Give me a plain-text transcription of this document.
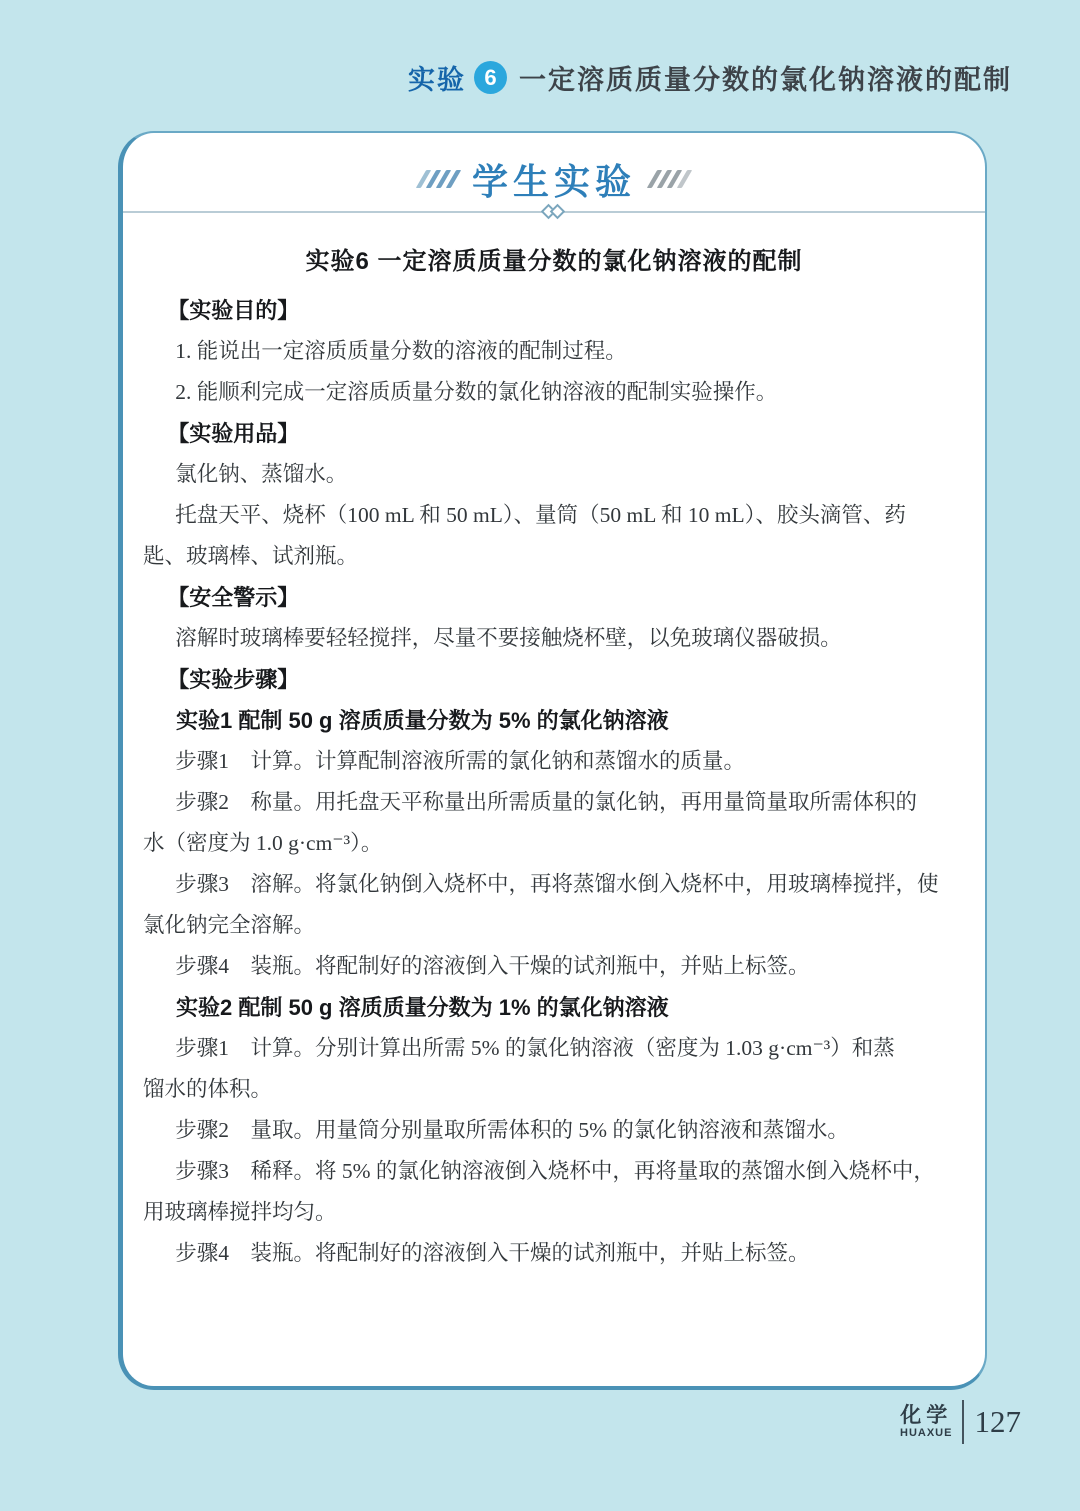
实验 6 一定溶质质量分数的氯化钠溶液的配制
学生实验
实验6 一定溶质质量分数的氯化钠溶液的配制

【实验目的】

1. 能说出一定溶质质量分数的溶液的配制过程。

2. 能顺利完成一定溶质质量分数的氯化钠溶液的配制实验操作。

【实验用品】

氯化钠、蒸馏水。

托盘天平、烧杯（100 mL 和 50 mL）、量筒（50 mL 和 10 mL）、胶头滴管、药

匙、玻璃棒、试剂瓶。

【安全警示】

溶解时玻璃棒要轻轻搅拌，尽量不要接触烧杯壁，以免玻璃仪器破损。

【实验步骤】

实验1 配制 50 g 溶质质量分数为 5% 的氯化钠溶液

步骤1　计算。计算配制溶液所需的氯化钠和蒸馏水的质量。

步骤2　称量。用托盘天平称量出所需质量的氯化钠，再用量筒量取所需体积的

水（密度为 1.0 g·cm⁻³）。

步骤3　溶解。将氯化钠倒入烧杯中，再将蒸馏水倒入烧杯中，用玻璃棒搅拌，使

氯化钠完全溶解。

步骤4　装瓶。将配制好的溶液倒入干燥的试剂瓶中，并贴上标签。

实验2 配制 50 g 溶质质量分数为 1% 的氯化钠溶液

步骤1　计算。分别计算出所需 5% 的氯化钠溶液（密度为 1.03 g·cm⁻³）和蒸

馏水的体积。

步骤2　量取。用量筒分别量取所需体积的 5% 的氯化钠溶液和蒸馏水。

步骤3　稀释。将 5% 的氯化钠溶液倒入烧杯中，再将量取的蒸馏水倒入烧杯中，

用玻璃棒搅拌均匀。

步骤4　装瓶。将配制好的溶液倒入干燥的试剂瓶中，并贴上标签。

化学
HUAXUE 127
